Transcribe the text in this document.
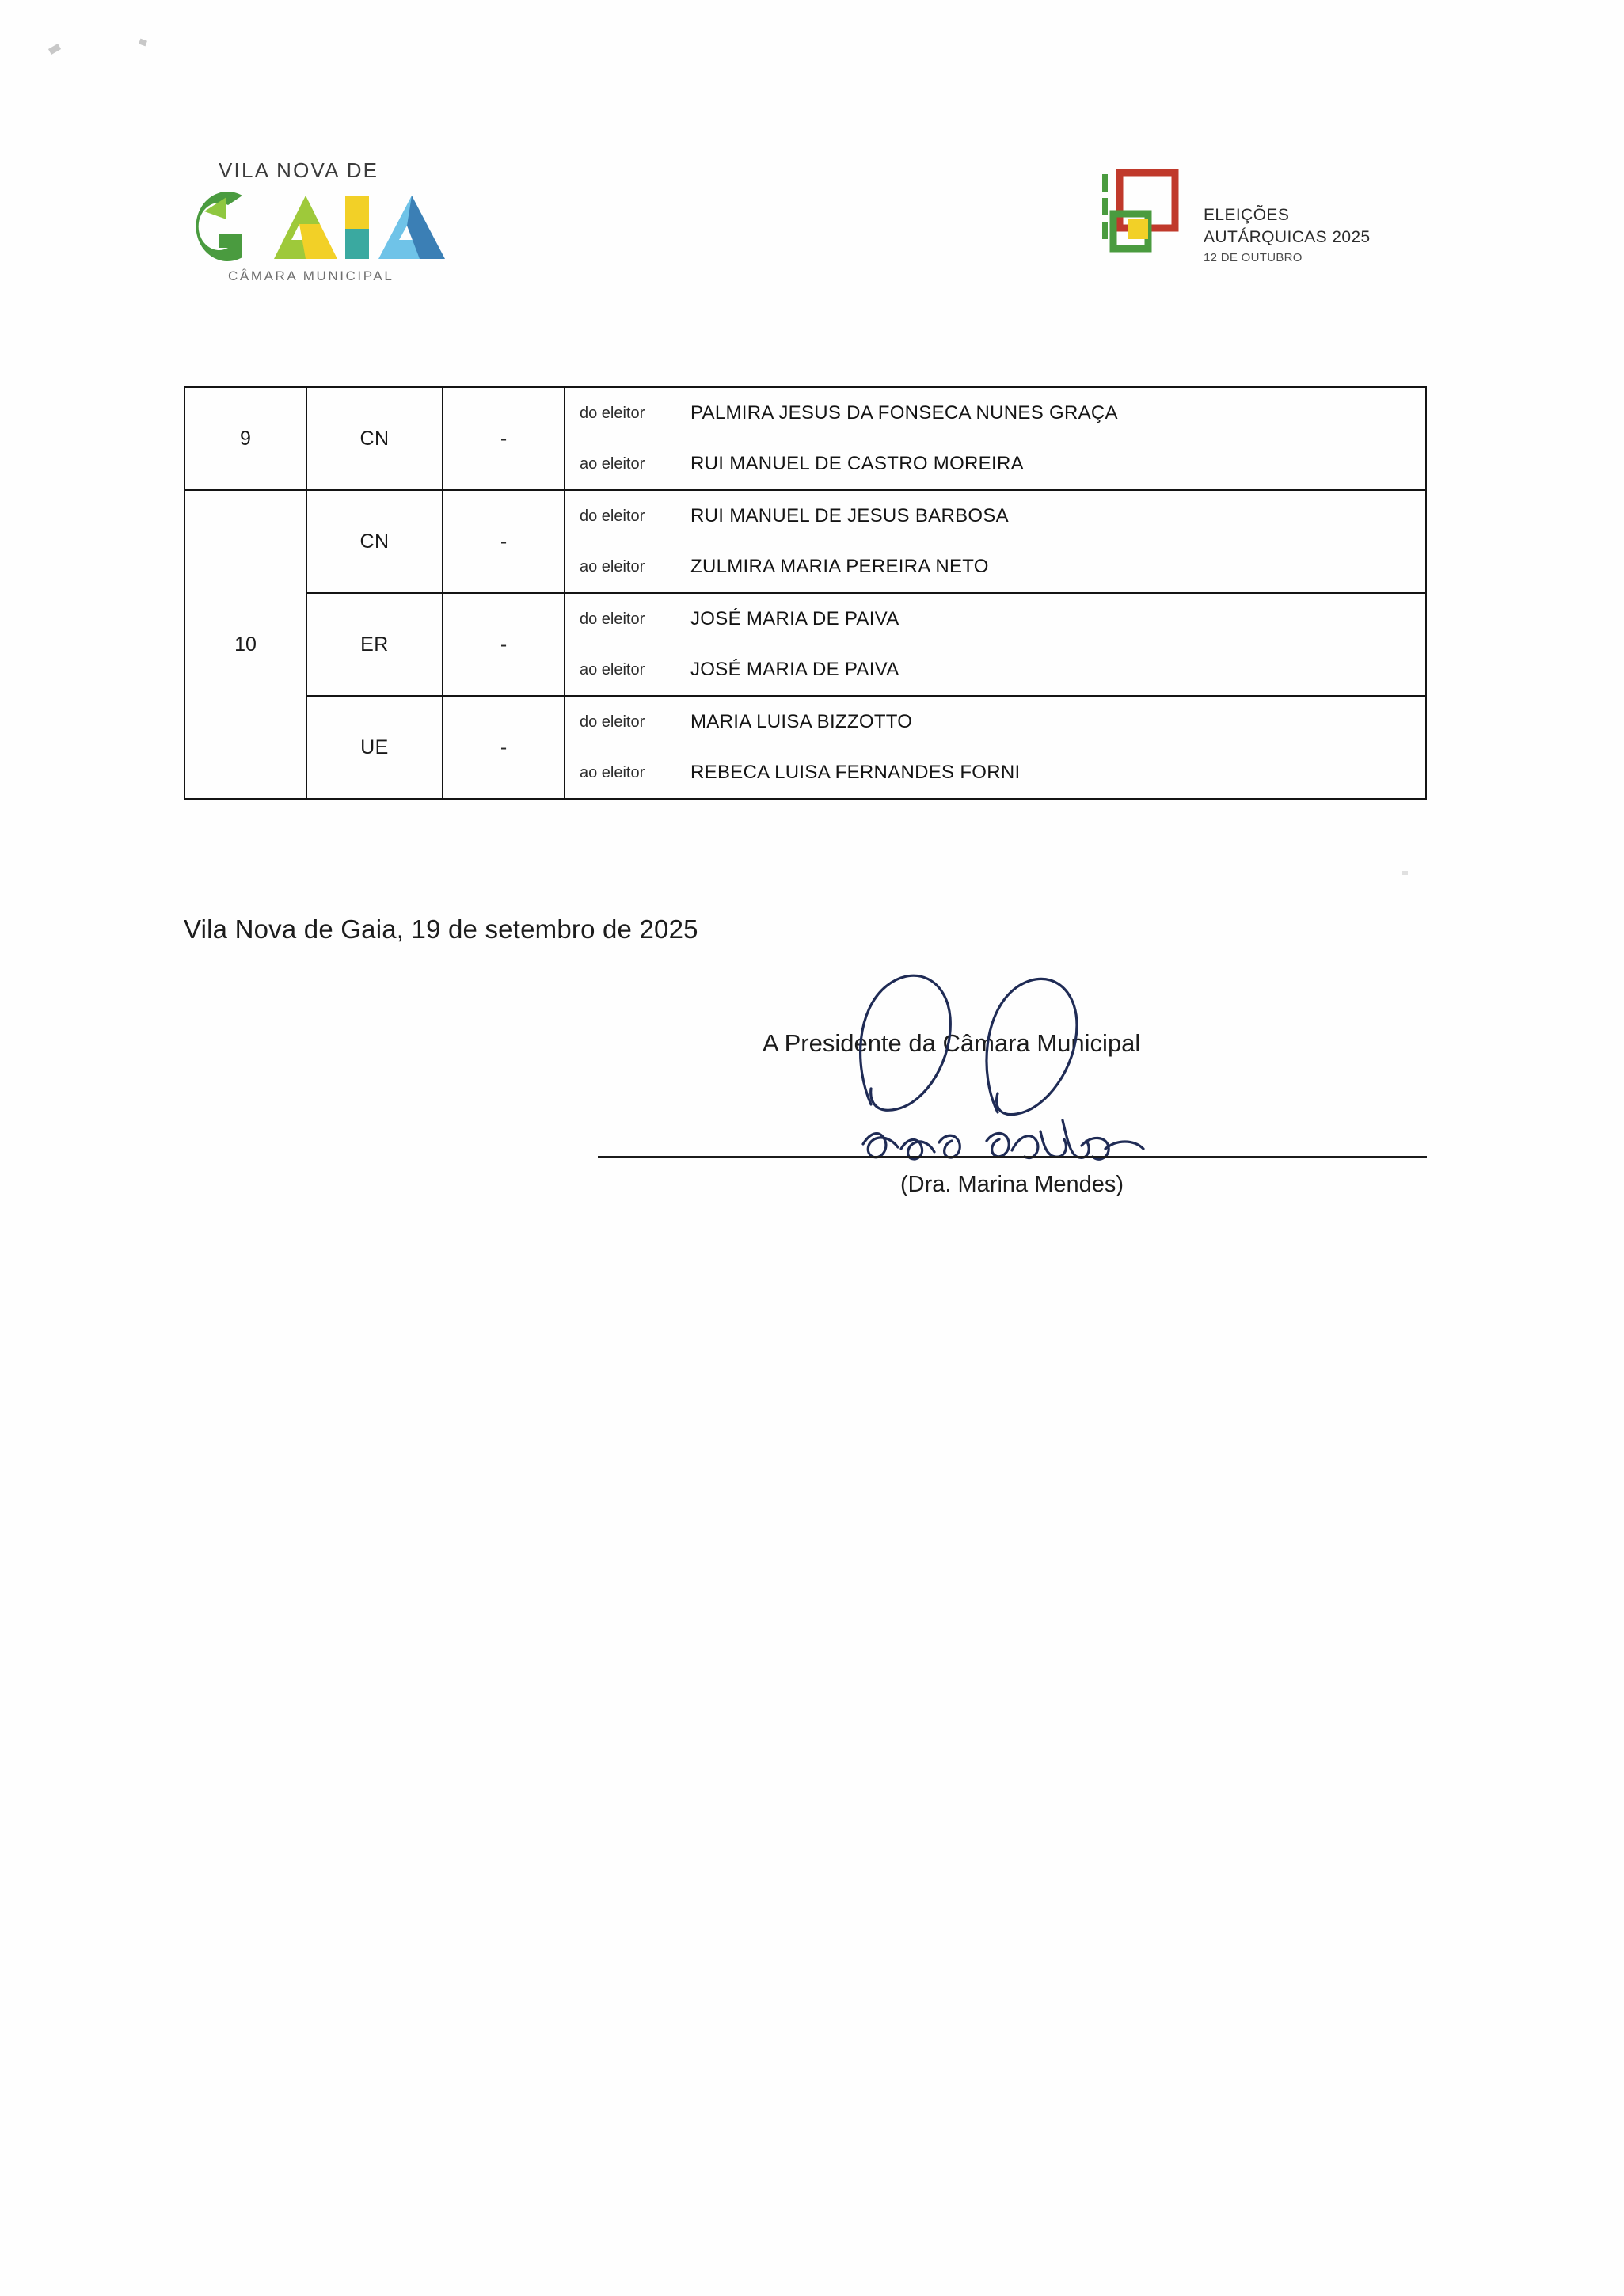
VILA NOVA DE
CÂMARA MUNICIPAL
ELEIÇÕES
AUTÁRQUICAS 2025
12 DE OUTUBRO
9	CN	-	do eleitor PALMIRA JESUS DA FONSECA NUNES GRAÇA
ao eleitor RUI MANUEL DE CASTRO MOREIRA

10	CN	-	do eleitor RUI MANUEL DE JESUS BARBOSA
ao eleitor ZULMIRA MARIA PEREIRA NETO

	ER	-	do eleitor JOSÉ MARIA DE PAIVA
ao eleitor JOSÉ MARIA DE PAIVA

	UE	-	do eleitor MARIA LUISA BIZZOTTO
ao eleitor REBECA LUISA FERNANDES FORNI
Vila Nova de Gaia, 19 de setembro de 2025
A Presidente da Câmara Municipal
(Dra. Marina Mendes)
